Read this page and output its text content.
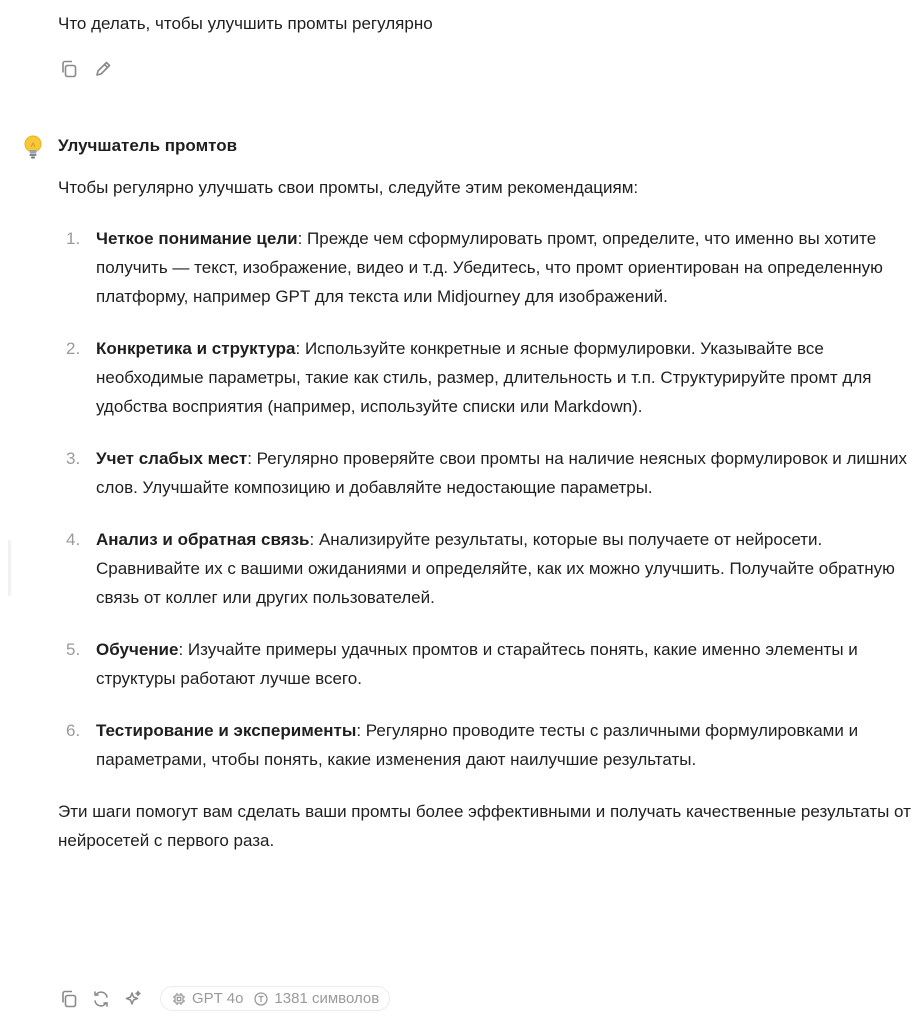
Что делать, чтобы улучшить промты регулярно
Улучшатель промтов

Чтобы регулярно улучшать свои промты, следуйте этим рекомендациям:

1. Четкое понимание цели: Прежде чем сформулировать промт, определите, что именно вы хотите получить — текст, изображение, видео и т.д. Убедитесь, что промт ориентирован на определенную платформу, например GPT для текста или Midjourney для изображений.
2. Конкретика и структура: Используйте конкретные и ясные формулировки. Указывайте все необходимые параметры, такие как стиль, размер, длительность и т.п. Структурируйте промт для удобства восприятия (например, используйте списки или Markdown).
3. Учет слабых мест: Регулярно проверяйте свои промты на наличие неясных формулировок и лишних слов. Улучшайте композицию и добавляйте недостающие параметры.
4. Анализ и обратная связь: Анализируйте результаты, которые вы получаете от нейросети. Сравнивайте их с вашими ожиданиями и определяйте, как их можно улучшить. Получайте обратную связь от коллег или других пользователей.
5. Обучение: Изучайте примеры удачных промтов и старайтесь понять, какие именно элементы и структуры работают лучше всего.
6. Тестирование и эксперименты: Регулярно проводите тесты с различными формулировками и параметрами, чтобы понять, какие изменения дают наилучшие результаты.

Эти шаги помогут вам сделать ваши промты более эффективными и получать качественные результаты от нейросетей с первого раза.

GPT 4o 1381 символов
